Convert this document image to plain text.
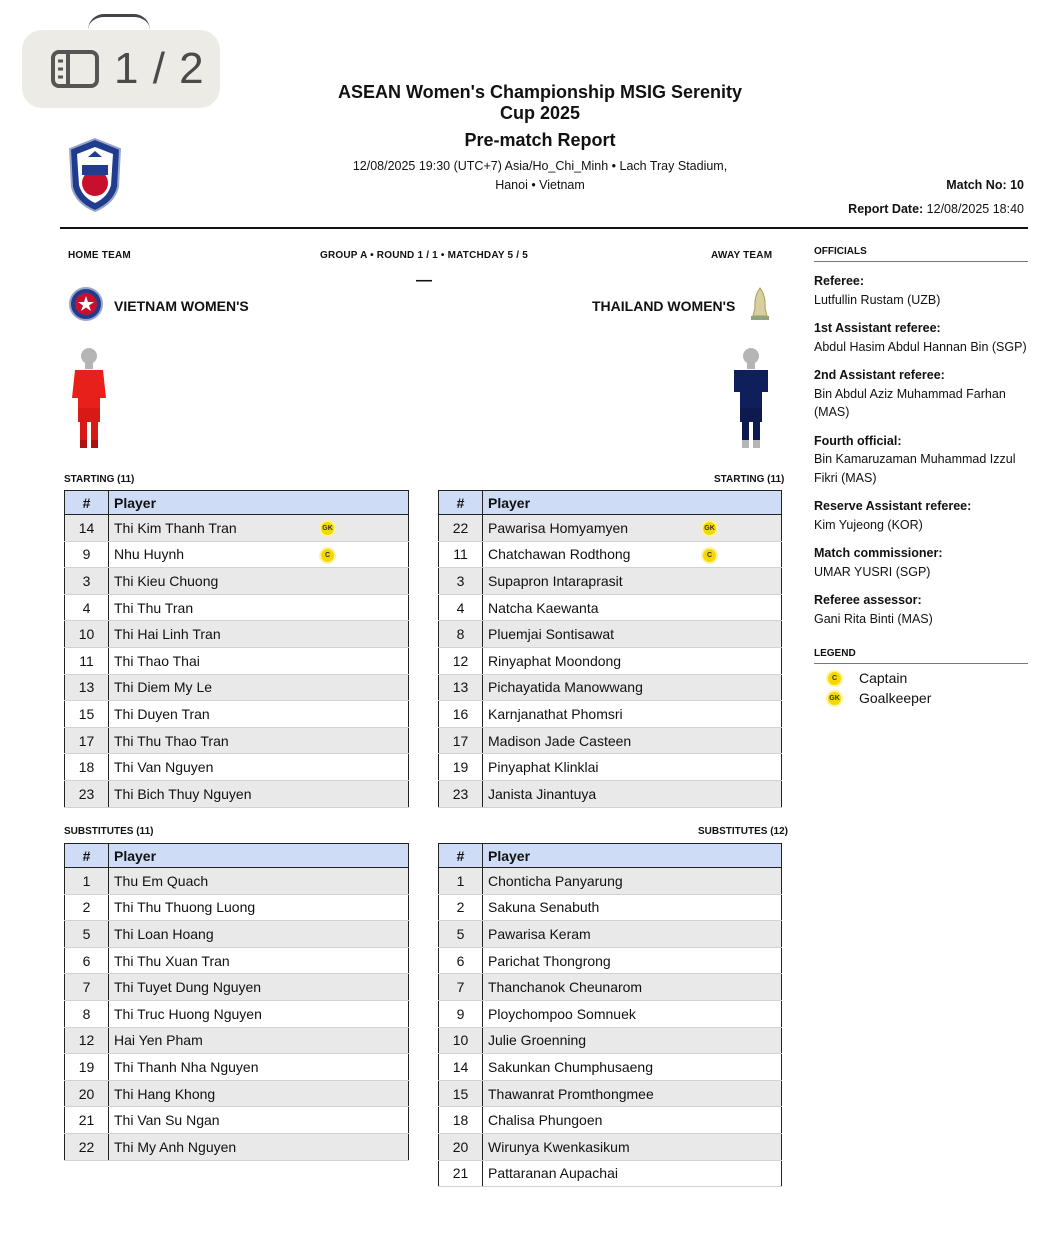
1 / 2	ASEAN Women's Championship MSIG Serenity Cup 2025
Pre-match Report
12/08/2025 19:30 (UTC+7) Asia/Ho_Chi_Minh • Lach Tray Stadium,
Hanoi • Vietnam	Match No: 10
Report Date: 12/08/2025 18:40
HOME TEAM	GROUP A • ROUND 1 / 1 • MATCHDAY 5 / 5	AWAY TEAM
—
VIETNAM WOMEN'S	THAILAND WOMEN'S
STARTING (11)	STARTING (11)
SUBSTITUTES (11)	SUBSTITUTES (12)
#	Player
14	Thi Kim Thanh Tran GK

9	Nhu Huynh C

3	Thi Kieu Chuong
4	Thi Thu Tran
10	Thi Hai Linh Tran
11	Thi Thao Thai
13	Thi Diem My Le
15	Thi Duyen Tran
17	Thi Thu Thao Tran
18	Thi Van Nguyen
23	Thi Bich Thuy Nguyen
#	Player
22	Pawarisa Homyamyen GK

11	Chatchawan Rodthong C

3	Supapron Intaraprasit
4	Natcha Kaewanta
8	Pluemjai Sontisawat
12	Rinyaphat Moondong
13	Pichayatida Manowwang
16	Karnjanathat Phomsri
17	Madison Jade Casteen
19	Pinyaphat Klinklai
23	Janista Jinantuya
#	Player
1	Thu Em Quach
2	Thi Thu Thuong Luong
5	Thi Loan Hoang
6	Thi Thu Xuan Tran
7	Thi Tuyet Dung Nguyen
8	Thi Truc Huong Nguyen
12	Hai Yen Pham
19	Thi Thanh Nha Nguyen
20	Thi Hang Khong
21	Thi Van Su Ngan
22	Thi My Anh Nguyen
#	Player
1	Chonticha Panyarung
2	Sakuna Senabuth
5	Pawarisa Keram
6	Parichat Thongrong
7	Thanchanok Cheunarom
9	Ploychompoo Somnuek
10	Julie Groenning
14	Sakunkan Chumphusaeng
15	Thawanrat Promthongmee
18	Chalisa Phungoen
20	Wirunya Kwenkasikum
21	Pattaranan Aupachai
OFFICIALS
Referee:
Lutfullin Rustam (UZB)
1st Assistant referee:
Abdul Hasim Abdul Hannan Bin (SGP)
2nd Assistant referee:
Bin Abdul Aziz Muhammad Farhan (MAS)
Fourth official:
Bin Kamaruzaman Muhammad Izzul Fikri (MAS)
Reserve Assistant referee:
Kim Yujeong (KOR)
Match commissioner:
UMAR YUSRI (SGP)
Referee assessor:
Gani Rita Binti (MAS)
LEGEND
C	Captain
GK Goalkeeper
